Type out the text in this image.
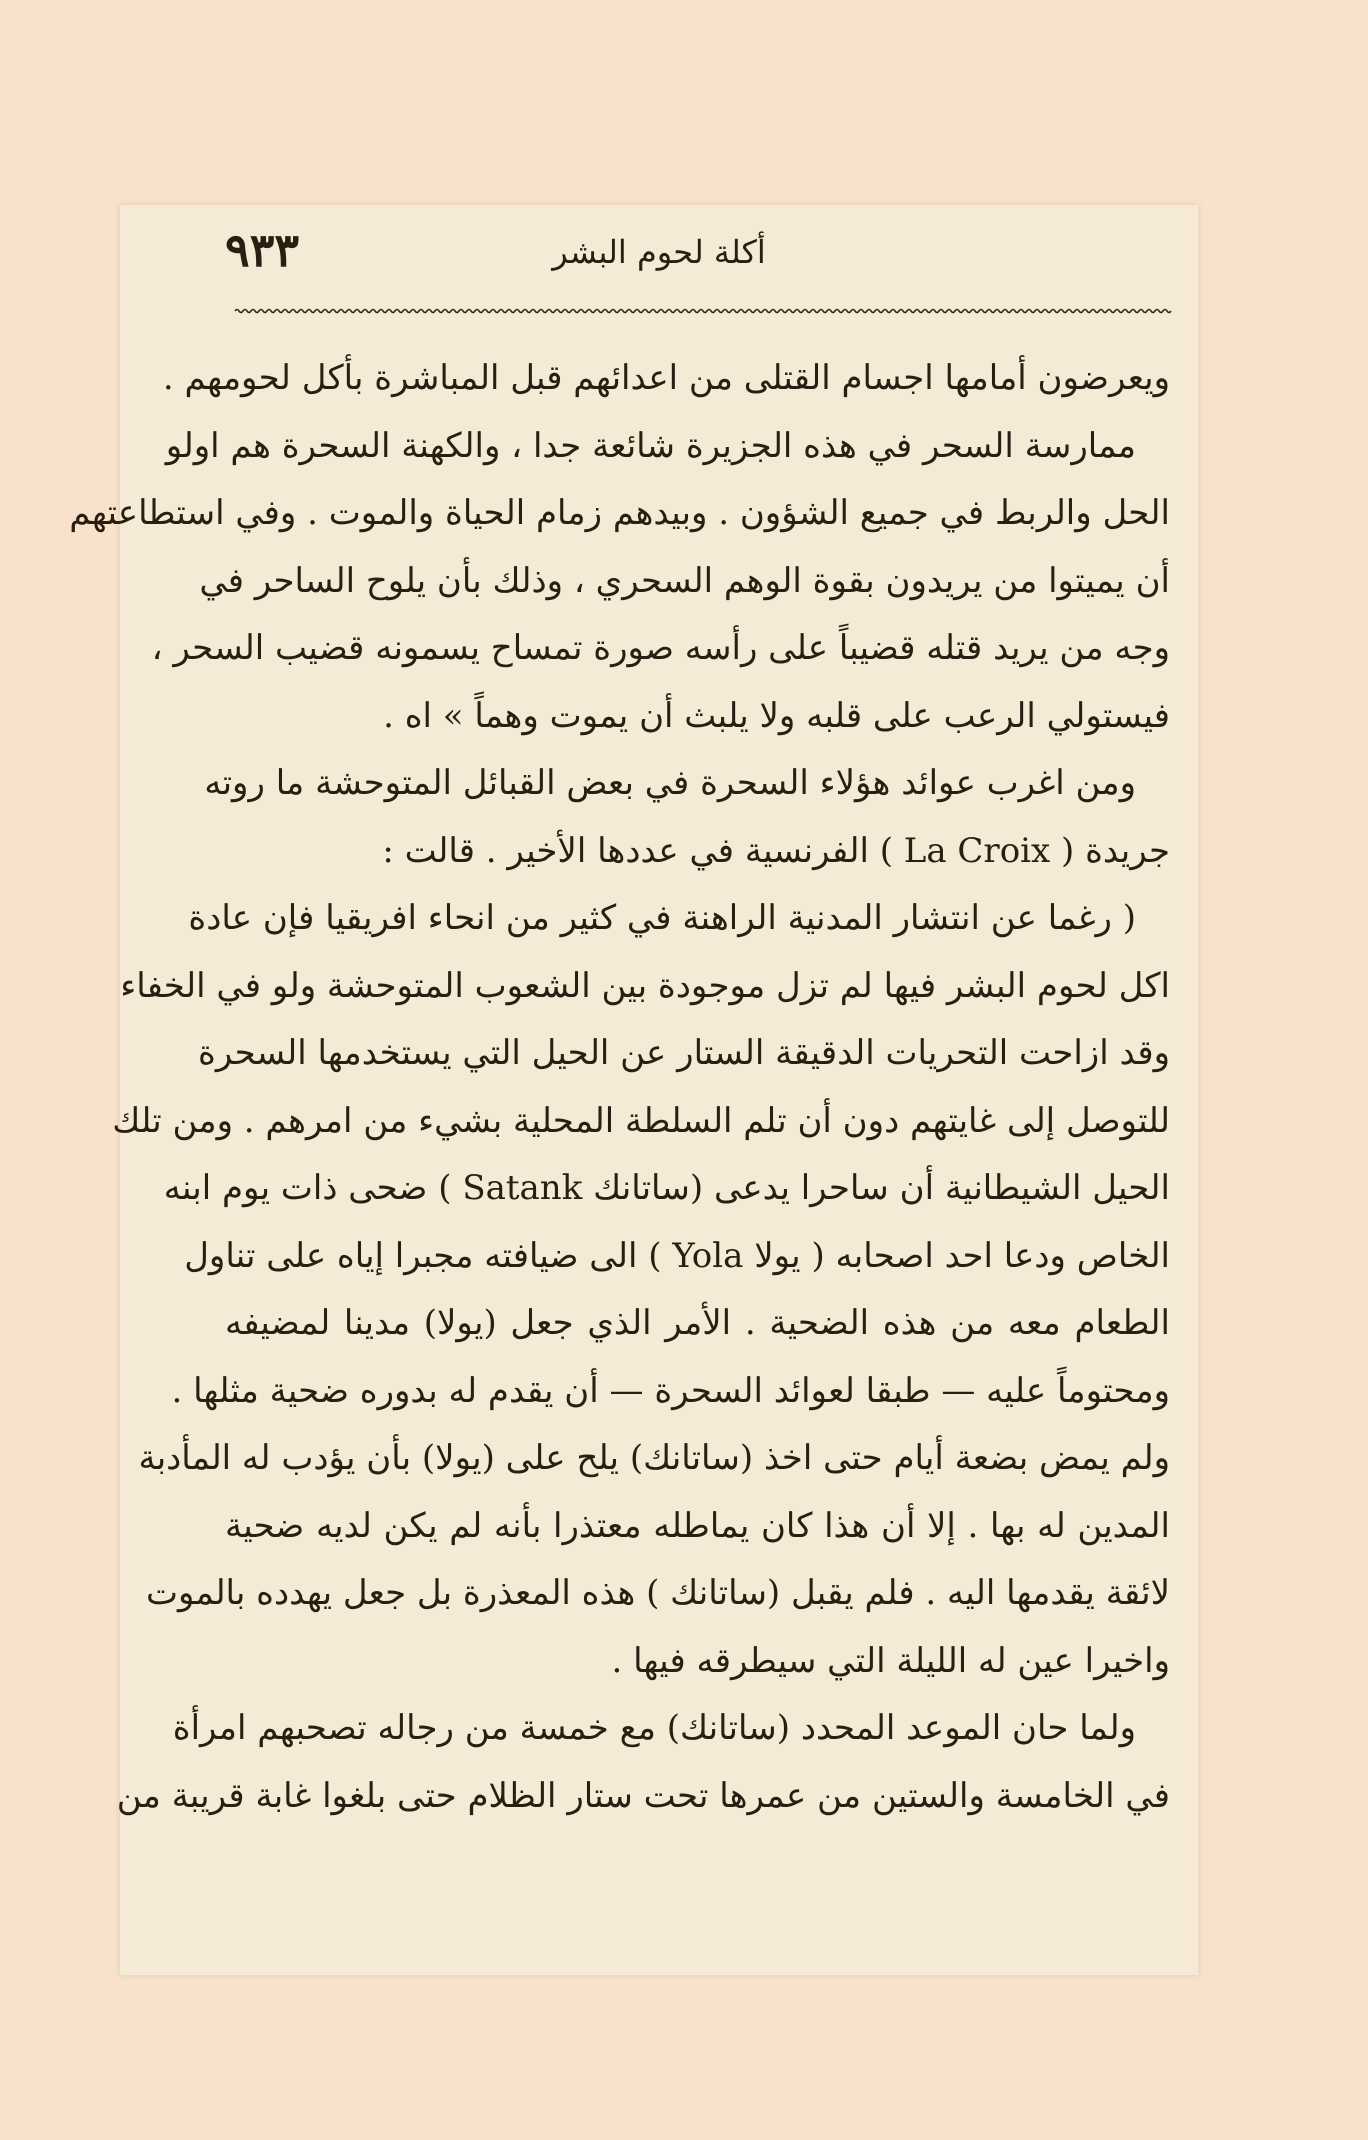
٩٣٣	أكلة لحوم البشر
ويعرضون أمامها اجسام القتلى من اعدائهم قبل المباشرة بأكل لحومهم .
ممارسة السحر في هذه الجزيرة شائعة جدا ، والكهنة السحرة هم اولو
الحل والربط في جميع الشؤون . وبيدهم زمام الحياة والموت . وفي استطاعتهم
أن يميتوا من يريدون بقوة الوهم السحري ، وذلك بأن يلوح الساحر في
وجه من يريد قتله قضيباً على رأسه صورة تمساح يسمونه قضيب السحر ،
فيستولي الرعب على قلبه ولا يلبث أن يموت وهماً » اه .
ومن اغرب عوائد هؤلاء السحرة في بعض القبائل المتوحشة ما روته
جريدة ( La Croix ) الفرنسية في عددها الأخير . قالت :
( رغما عن انتشار المدنية الراهنة في كثير من انحاء افريقيا فإن عادة
اكل لحوم البشر فيها لم تزل موجودة بين الشعوب المتوحشة ولو في الخفاء
وقد ازاحت التحريات الدقيقة الستار عن الحيل التي يستخدمها السحرة
للتوصل إلى غايتهم دون أن تلم السلطة المحلية بشيء من امرهم . ومن تلك
الحيل الشيطانية أن ساحرا يدعى (ساتانك Satank ) ضحى ذات يوم ابنه
الخاص ودعا احد اصحابه ( يولا Yola ) الى ضيافته مجبرا إياه على تناول
الطعام معه من هذه الضحية . الأمر الذي جعل (يولا) مدينا لمضيفه
ومحتوماً عليه — طبقا لعوائد السحرة — أن يقدم له بدوره ضحية مثلها .
ولم يمض بضعة أيام حتى اخذ (ساتانك) يلح على (يولا) بأن يؤدب له المأدبة
المدين له بها . إلا أن هذا كان يماطله معتذرا بأنه لم يكن لديه ضحية
لائقة يقدمها اليه . فلم يقبل (ساتانك ) هذه المعذرة بل جعل يهدده بالموت
واخيرا عين له الليلة التي سيطرقه فيها .
ولما حان الموعد المحدد (ساتانك) مع خمسة من رجاله تصحبهم امرأة
في الخامسة والستين من عمرها تحت ستار الظلام حتى بلغوا غابة قريبة من
